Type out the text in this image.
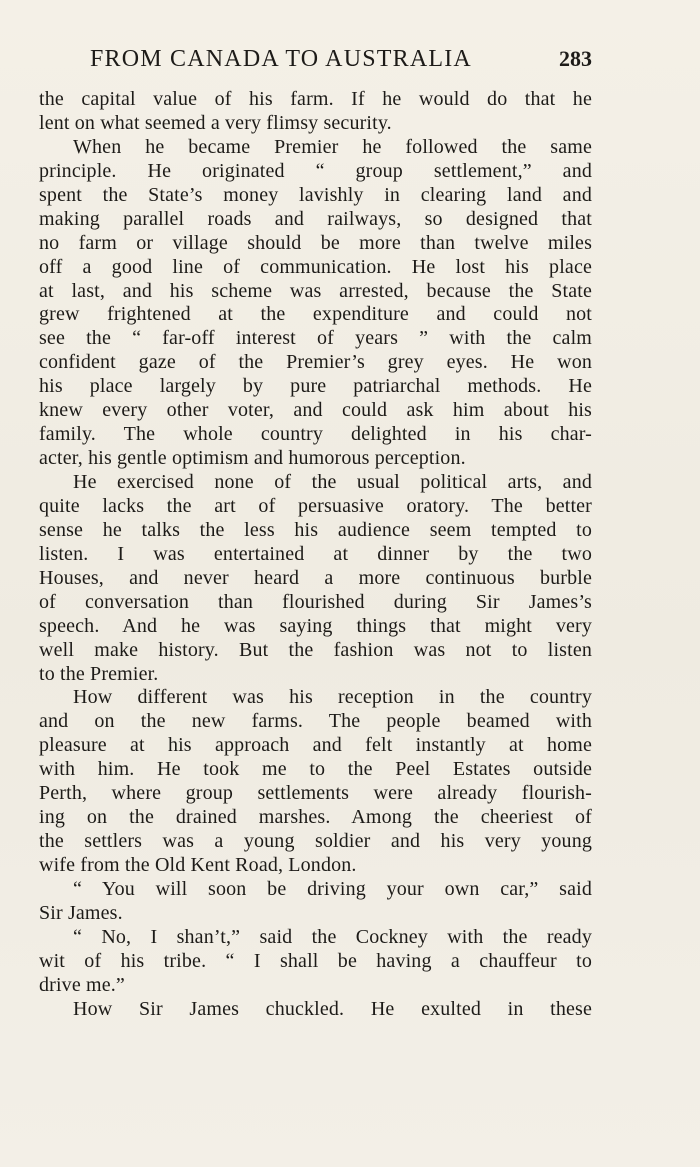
FROM CANADA TO AUSTRALIA	283
the capital value of his farm. If he would do that he
lent on what seemed a very flimsy security.
When he became Premier he followed the same
principle. He originated “ group settlement,” and
spent the State’s money lavishly in clearing land and
making parallel roads and railways, so designed that
no farm or village should be more than twelve miles
off a good line of communication. He lost his place
at last, and his scheme was arrested, because the State
grew frightened at the expenditure and could not
see the “ far-off interest of years ” with the calm
confident gaze of the Premier’s grey eyes. He won
his place largely by pure patriarchal methods. He
knew every other voter, and could ask him about his
family. The whole country delighted in his char-
acter, his gentle optimism and humorous perception.
He exercised none of the usual political arts, and
quite lacks the art of persuasive oratory. The better
sense he talks the less his audience seem tempted to
listen. I was entertained at dinner by the two
Houses, and never heard a more continuous burble
of conversation than flourished during Sir James’s
speech. And he was saying things that might very
well make history. But the fashion was not to listen
to the Premier.
How different was his reception in the country
and on the new farms. The people beamed with
pleasure at his approach and felt instantly at home
with him. He took me to the Peel Estates outside
Perth, where group settlements were already flourish-
ing on the drained marshes. Among the cheeriest of
the settlers was a young soldier and his very young
wife from the Old Kent Road, London.
“ You will soon be driving your own car,” said
Sir James.
“ No, I shan’t,” said the Cockney with the ready
wit of his tribe. “ I shall be having a chauffeur to
drive me.”
How Sir James chuckled. He exulted in these
